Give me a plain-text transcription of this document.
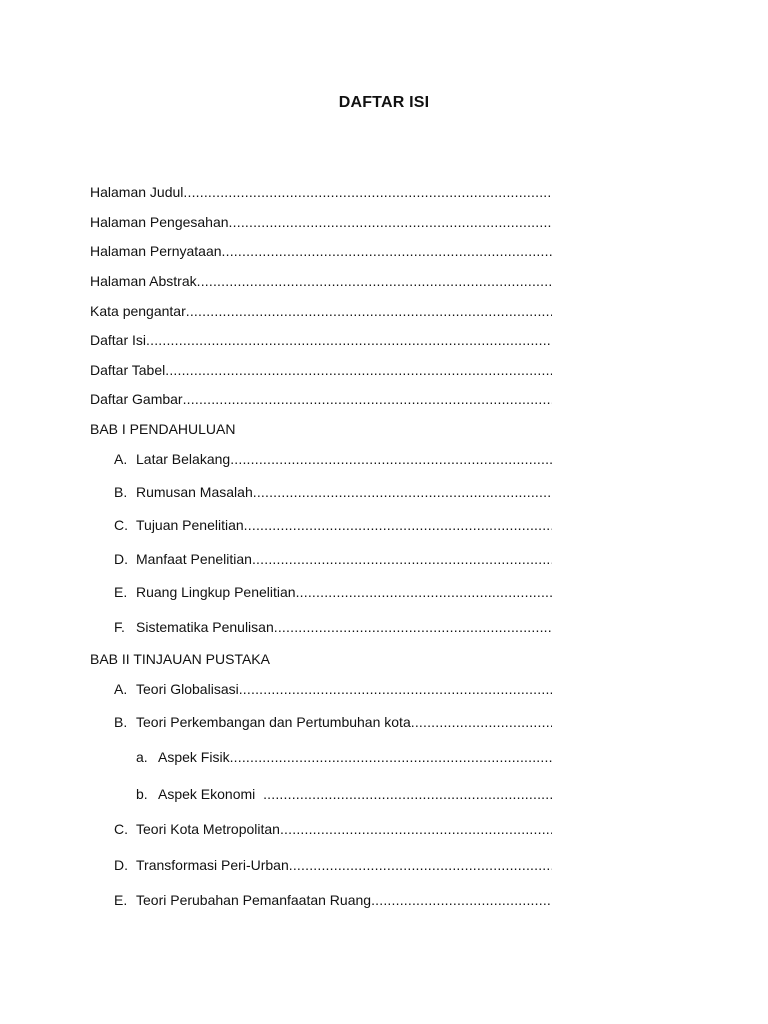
DAFTAR ISI
Halaman Judul
.....
Halaman Pengesahan
.....
Halaman Pernyataan
.....
Halaman Abstrak
.....
Kata pengantar
.....
Daftar Isi
.....
Daftar Tabel
.....
Daftar Gambar
.....
BAB I PENDAHULUAN
A. Latar Belakang
.....
B. Rumusan Masalah
.....
C. Tujuan Penelitian
.....
D. Manfaat Penelitian
.....
E. Ruang Lingkup Penelitian
.....
F. Sistematika Penulisan
.....
BAB II TINJAUAN PUSTAKA
A. Teori Globalisasi
.....
B. Teori Perkembangan dan Pertumbuhan kota
.....
a. Aspek Fisik
.....
b. Aspek Ekonomi
.....
C. Teori Kota Metropolitan
.....
D. Transformasi Peri-Urban
.....
E. Teori Perubahan Pemanfaatan Ruang
.....
